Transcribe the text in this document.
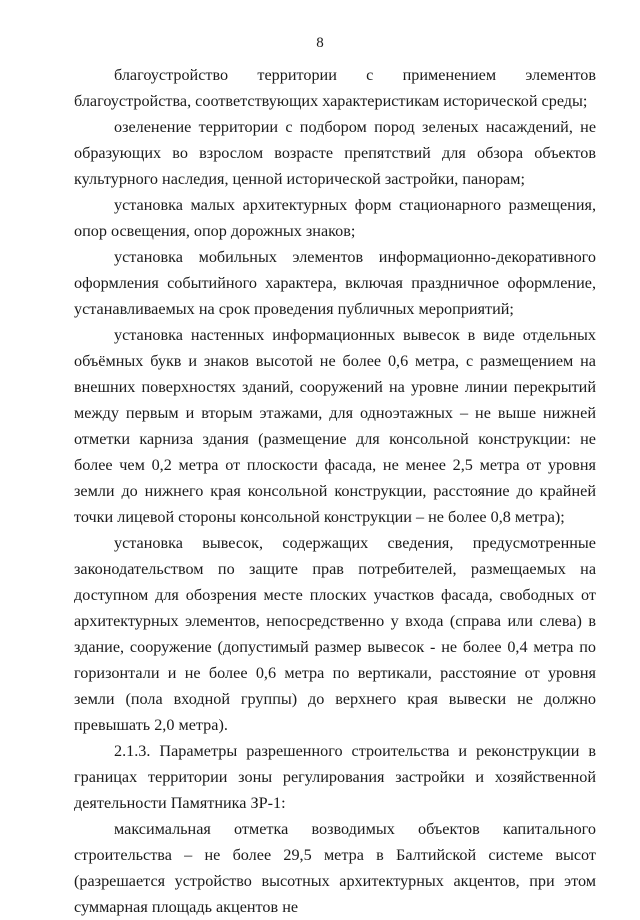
8

благоустройство территории с применением элементов благоустройства, соответствующих характеристикам исторической среды;

озеленение территории с подбором пород зеленых насаждений, не образующих во взрослом возрасте препятствий для обзора объектов культурного наследия, ценной исторической застройки, панорам;

установка малых архитектурных форм стационарного размещения, опор освещения, опор дорожных знаков;

установка мобильных элементов информационно-декоративного оформления событийного характера, включая праздничное оформление, устанавливаемых на срок проведения публичных мероприятий;

установка настенных информационных вывесок в виде отдельных объёмных букв и знаков высотой не более 0,6 метра, с размещением на внешних поверхностях зданий, сооружений на уровне линии перекрытий между первым и вторым этажами, для одноэтажных – не выше нижней отметки карниза здания (размещение для консольной конструкции: не более чем 0,2 метра от плоскости фасада, не менее 2,5 метра от уровня земли до нижнего края консольной конструкции, расстояние до крайней точки лицевой стороны консольной конструкции – не более 0,8 метра);

установка вывесок, содержащих сведения, предусмотренные законодательством по защите прав потребителей, размещаемых на доступном для обозрения месте плоских участков фасада, свободных от архитектурных элементов, непосредственно у входа (справа или слева) в здание, сооружение (допустимый размер вывесок - не более 0,4 метра по горизонтали и не более 0,6 метра по вертикали, расстояние от уровня земли (пола входной группы) до верхнего края вывески не должно превышать 2,0 метра).

2.1.3. Параметры разрешенного строительства и реконструкции в границах территории зоны регулирования застройки и хозяйственной деятельности Памятника ЗР-1:

максимальная отметка возводимых объектов капитального строительства – не более 29,5 метра в Балтийской системе высот (разрешается устройство высотных архитектурных акцентов, при этом суммарная площадь акцентов не
